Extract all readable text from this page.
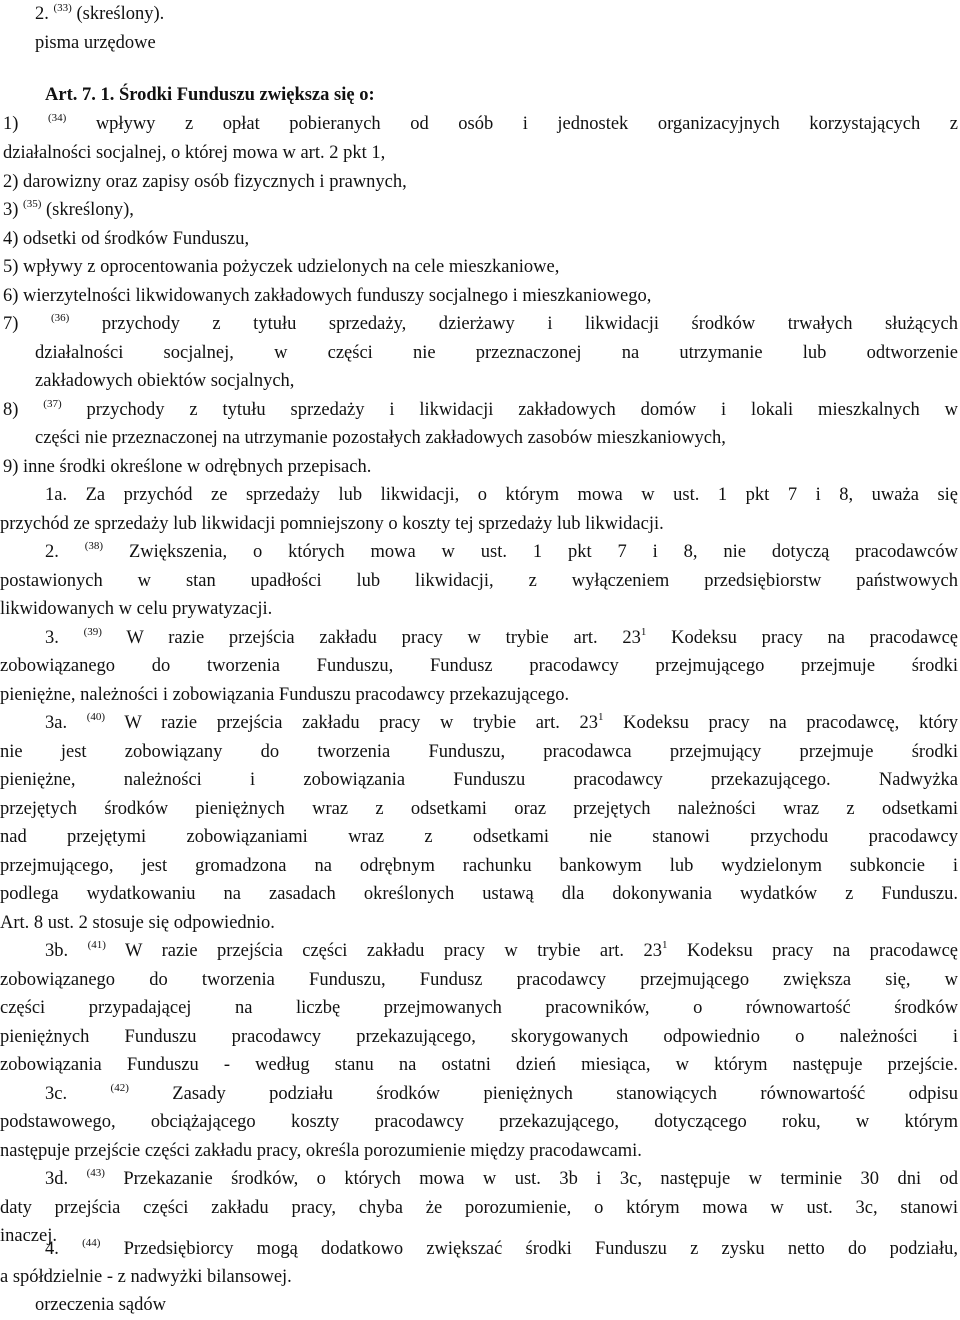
2. $^{(33)}$ (skreślony).
pisma urzędowe
Art. 7. 1. Środki Funduszu zwiększa się o:
1) $^{(34)}$ wpływy z opłat pobieranych od osób i jednostek organizacyjnych korzystających z
działalności socjalnej, o której mowa w art. 2 pkt 1,
2) darowizny oraz zapisy osób fizycznych i prawnych,
3) $^{(35)}$ (skreślony),
4) odsetki od środków Funduszu,
5) wpływy z oprocentowania pożyczek udzielonych na cele mieszkaniowe,
6) wierzytelności likwidowanych zakładowych funduszy socjalnego i mieszkaniowego,
7) $^{(36)}$ przychody z tytułu sprzedaży, dzierżawy i likwidacji środków trwałych służących
działalności socjalnej, w części nie przeznaczonej na utrzymanie lub odtworzenie
zakładowych obiektów socjalnych,
8) $^{(37)}$ przychody z tytułu sprzedaży i likwidacji zakładowych domów i lokali mieszkalnych w
części nie przeznaczonej na utrzymanie pozostałych zakładowych zasobów mieszkaniowych,
9) inne środki określone w odrębnych przepisach.
1a. Za przychód ze sprzedaży lub likwidacji, o którym mowa w ust. 1 pkt 7 i 8, uważa się
przychód ze sprzedaży lub likwidacji pomniejszony o koszty tej sprzedaży lub likwidacji.
2. $^{(38)}$ Zwiększenia, o których mowa w ust. 1 pkt 7 i 8, nie dotyczą pracodawców
postawionych w stan upadłości lub likwidacji, z wyłączeniem przedsiębiorstw państwowych
likwidowanych w celu prywatyzacji.
3. $^{(39)}$ W razie przejścia zakładu pracy w trybie art. $23^1$ Kodeksu pracy na pracodawcę
zobowiązanego do tworzenia Funduszu, Fundusz pracodawcy przejmującego przejmuje środki
pieniężne, należności i zobowiązania Funduszu pracodawcy przekazującego.
3a. $^{(40)}$ W razie przejścia zakładu pracy w trybie art. $23^1$ Kodeksu pracy na pracodawcę, który
nie jest zobowiązany do tworzenia Funduszu, pracodawca przejmujący przejmuje środki
pieniężne, należności i zobowiązania Funduszu pracodawcy przekazującego. Nadwyżka
przejętych środków pieniężnych wraz z odsetkami oraz przejętych należności wraz z odsetkami
nad przejętymi zobowiązaniami wraz z odsetkami nie stanowi przychodu pracodawcy
przejmującego, jest gromadzona na odrębnym rachunku bankowym lub wydzielonym subkoncie i
podlega wydatkowaniu na zasadach określonych ustawą dla dokonywania wydatków z Funduszu.
Art. 8 ust. 2 stosuje się odpowiednio.
3b. $^{(41)}$ W razie przejścia części zakładu pracy w trybie art. $23^1$ Kodeksu pracy na pracodawcę
zobowiązanego do tworzenia Funduszu, Fundusz pracodawcy przejmującego zwiększa się, w
części przypadającej na liczbę przejmowanych pracowników, o równowartość środków
pieniężnych Funduszu pracodawcy przekazującego, skorygowanych odpowiednio o należności i
zobowiązania Funduszu - według stanu na ostatni dzień miesiąca, w którym następuje przejście.
3c. $^{(42)}$ Zasady podziału środków pieniężnych stanowiących równowartość odpisu
podstawowego, obciążającego koszty pracodawcy przekazującego, dotyczącego roku, w którym
następuje przejście części zakładu pracy, określa porozumienie między pracodawcami.
3d. $^{(43)}$ Przekazanie środków, o których mowa w ust. 3b i 3c, następuje w terminie 30 dni od
daty przejścia części zakładu pracy, chyba że porozumienie, o którym mowa w ust. 3c, stanowi
inaczej.
4. $^{(44)}$ Przedsiębiorcy mogą dodatkowo zwiększać środki Funduszu z zysku netto do podziału,
a spółdzielnie - z nadwyżki bilansowej.
orzeczenia sądów
